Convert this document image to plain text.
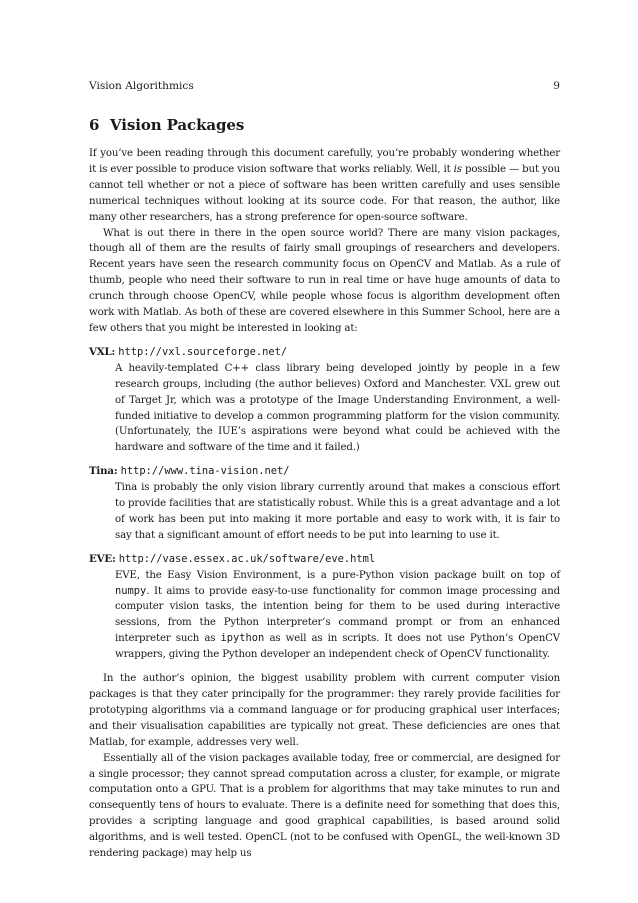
Vision Algorithmics	9
6 Vision Packages

If you’ve been reading through this document carefully, you’re probably wondering whether it is ever possible to produce vision software that works reliably. Well, it is possible — but you cannot tell whether or not a piece of software has been written carefully and uses sensible numerical techniques without looking at its source code. For that reason, the author, like many other researchers, has a strong preference for open-source software.

What is out there in there in the open source world? There are many vision packages, though all of them are the results of fairly small groupings of researchers and developers. Recent years have seen the research community focus on OpenCV and Matlab. As a rule of thumb, people who need their software to run in real time or have huge amounts of data to crunch through choose OpenCV, while people whose focus is algorithm development often work with Matlab. As both of these are covered elsewhere in this Summer School, here are a few others that you might be interested in looking at:

VXL: http://vxl.sourceforge.net/

A heavily-templated C++ class library being developed jointly by people in a few research groups, including (the author believes) Oxford and Manchester. VXL grew out of Target Jr, which was a prototype of the Image Understanding Environment, a well-funded initiative to develop a common programming platform for the vision community. (Unfortunately, the IUE’s aspirations were beyond what could be achieved with the hardware and software of the time and it failed.)

Tina: http://www.tina-vision.net/

Tina is probably the only vision library currently around that makes a conscious effort to provide facilities that are statistically robust. While this is a great advantage and a lot of work has been put into making it more portable and easy to work with, it is fair to say that a significant amount of effort needs to be put into learning to use it.

EVE: http://vase.essex.ac.uk/software/eve.html

EVE, the Easy Vision Environment, is a pure-Python vision package built on top of numpy. It aims to provide easy-to-use functionality for common image processing and computer vision tasks, the intention being for them to be used during interactive sessions, from the Python interpreter’s command prompt or from an enhanced interpreter such as ipython as well as in scripts. It does not use Python’s OpenCV wrappers, giving the Python developer an independent check of OpenCV functionality.

In the author’s opinion, the biggest usability problem with current computer vision packages is that they cater principally for the programmer: they rarely provide facilities for prototyping algorithms via a command language or for producing graphical user interfaces; and their visualisation capabilities are typically not great. These deficiencies are ones that Matlab, for example, addresses very well.

Essentially all of the vision packages available today, free or commercial, are designed for a single processor; they cannot spread computation across a cluster, for example, or migrate computation onto a GPU. That is a problem for algorithms that may take minutes to run and consequently tens of hours to evaluate. There is a definite need for something that does this, provides a scripting language and good graphical capabilities, is based around solid algorithms, and is well tested. OpenCL (not to be confused with OpenGL, the well-known 3D rendering package) may help us
